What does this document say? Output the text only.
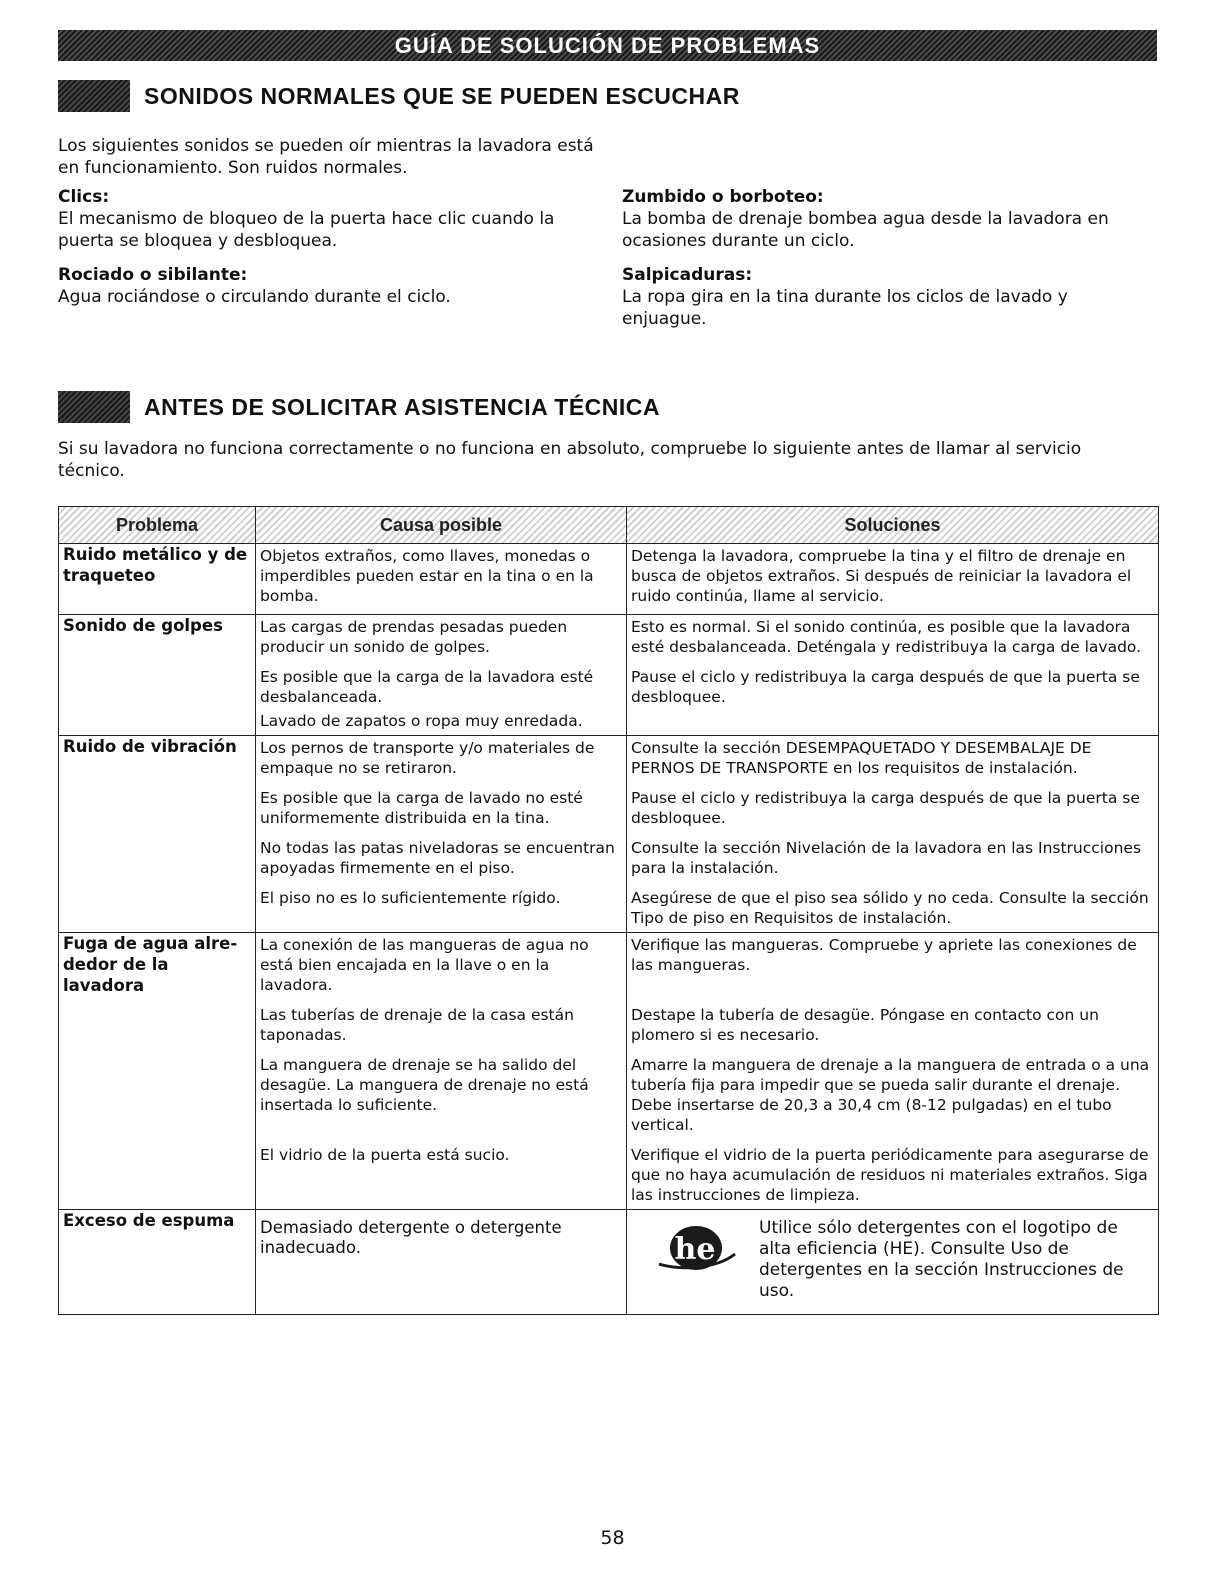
GUÍA DE SOLUCIÓN DE PROBLEMAS
SONIDOS NORMALES QUE SE PUEDEN ESCUCHAR
Los siguientes sonidos se pueden oír mientras la lavadora está en funcionamiento. Son ruidos normales.
Clics:
El mecanismo de bloqueo de la puerta hace clic cuando la puerta se bloquea y desbloquea.
Rociado o sibilante:
Agua rociándose o circulando durante el ciclo.
Zumbido o borboteo:
La bomba de drenaje bombea agua desde la lavadora en ocasiones durante un ciclo.
Salpicaduras:
La ropa gira en la tina durante los ciclos de lavado y enjuague.
ANTES DE SOLICITAR ASISTENCIA TÉCNICA
Si su lavadora no funciona correctamente o no funciona en absoluto, compruebe lo siguiente antes de llamar al servicio técnico.
Problema	Causa posible	Soluciones
Ruido metálico y de traqueteo	Objetos extraños, como llaves, monedas o imperdibles pueden estar en la tina o en la bomba.	Detenga la lavadora, compruebe la tina y el filtro de drenaje en busca de objetos extraños. Si después de reiniciar la lavadora el ruido continúa, llame al servicio.

Sonido de golpes	Las cargas de prendas pesadas pueden producir un sonido de golpes.	Esto es normal. Si el sonido continúa, es posible que la lavadora esté desbalanceada. Deténgala y redistribuya la carga de lavado.

	Es posible que la carga de la lavadora esté desbalanceada.	Pause el ciclo y redistribuya la carga después de que la puerta se desbloquee.

	Lavado de zapatos o ropa muy enredada.	

Ruido de vibración	Los pernos de transporte y/o materiales de empaque no se retiraron.	Consulte la sección DESEMPAQUETADO Y DESEMBALAJE DE PERNOS DE TRANSPORTE en los requisitos de instalación.

	Es posible que la carga de lavado no esté uniformemente distribuida en la tina.	Pause el ciclo y redistribuya la carga después de que la puerta se desbloquee.

	No todas las patas niveladoras se encuentran apoyadas firmemente en el piso.	Consulte la sección Nivelación de la lavadora en las Instrucciones para la instalación.

	El piso no es lo suficientemente rígido.	Asegúrese de que el piso sea sólido y no ceda. Consulte la sección Tipo de piso en Requisitos de instalación.

Fuga de agua alre-dedor de la lavadora	La conexión de las mangueras de agua no está bien encajada en la llave o en la lavadora.	Verifique las mangueras. Compruebe y apriete las conexiones de las mangueras.

	Las tuberías de drenaje de la casa están taponadas.	Destape la tubería de desagüe. Póngase en contacto con un plomero si es necesario.

	La manguera de drenaje se ha salido del desagüe. La manguera de drenaje no está insertada lo suficiente.	Amarre la manguera de drenaje a la manguera de entrada o a una tubería fija para impedir que se pueda salir durante el drenaje. Debe insertarse de 20,3 a 30,4 cm (8-12 pulgadas) en el tubo vertical.

	El vidrio de la puerta está sucio.	Verifique el vidrio de la puerta periódicamente para asegurarse de que no haya acumulación de residuos ni materiales extraños. Siga las instrucciones de limpieza.

Exceso de espuma	Demasiado detergente o detergente inadecuado.	he
Utilice sólo detergentes con el logotipo de alta eficiencia (HE). Consulte Uso de detergentes en la sección Instrucciones de uso.
58
